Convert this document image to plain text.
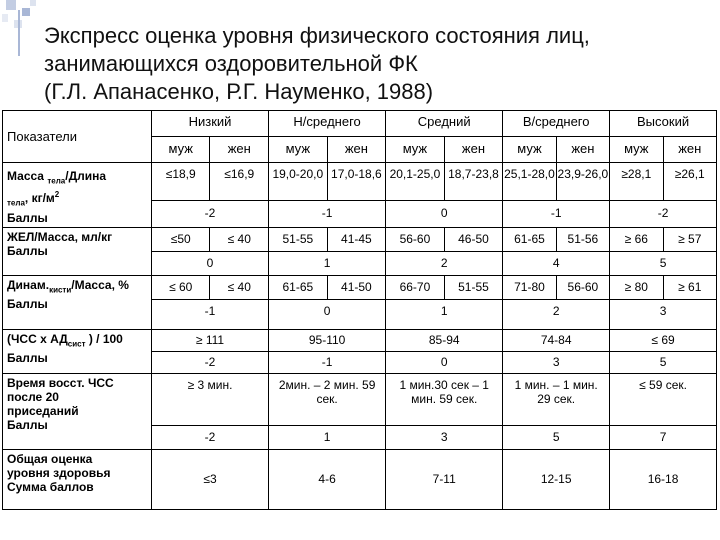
Экспресс оценка уровня физического состояния лиц,
занимающихся оздоровительной ФК
(Г.Л. Апанасенко, Р.Г. Науменко, 1988)
Показатели	Низкий		Н/среднего		Средний		В/среднего		Высокий	
	муж	жен	муж	жен	муж	жен	муж	жен	муж	жен
Масса $_{тела}$/Длина
$_{тела}$, $кг/м^2$
Баллы	≤18,9	≤16,9	19,0-20,0	17,0-18,6	20,1-25,0	18,7-23,8	25,1-28,0	23,9-26,0	≥28,1	≥26,1
	-2		-1		0		-1		-2	
ЖЕЛ/Масса, мл/кг
Баллы	≤50	≤ 40	51-55	41-45	56-60	46-50	61-65	51-56	≥ 66	≥ 57
	0		1		2		4		5	
$Динам._{кисти}$/Масса, %
Баллы	≤ 60	≤ 40	61-65	41-50	66-70	51-55	71-80	56-60	≥ 80	≥ 61
	-1		0		1		2		3	
(ЧСС х $АД_{сист}$ ) / 100
Баллы	≥ 111		95-110		85-94		74-84		≤ 69	
	-2		-1		0		3		5	
Время восст. ЧСС после 20 приседаний
Баллы	≥ 3 мин.		2мин. – 2 мин. 59 сек.		1 мин.30 сек – 1 мин. 59 сек.		1 мин. – 1 мин. 29 сек.		≤ 59 сек.	
	-2		1		3		5		7	
Общая оценка уровня здоровья Сумма баллов	≤3		4-6		7-11		12-15		16-18	
